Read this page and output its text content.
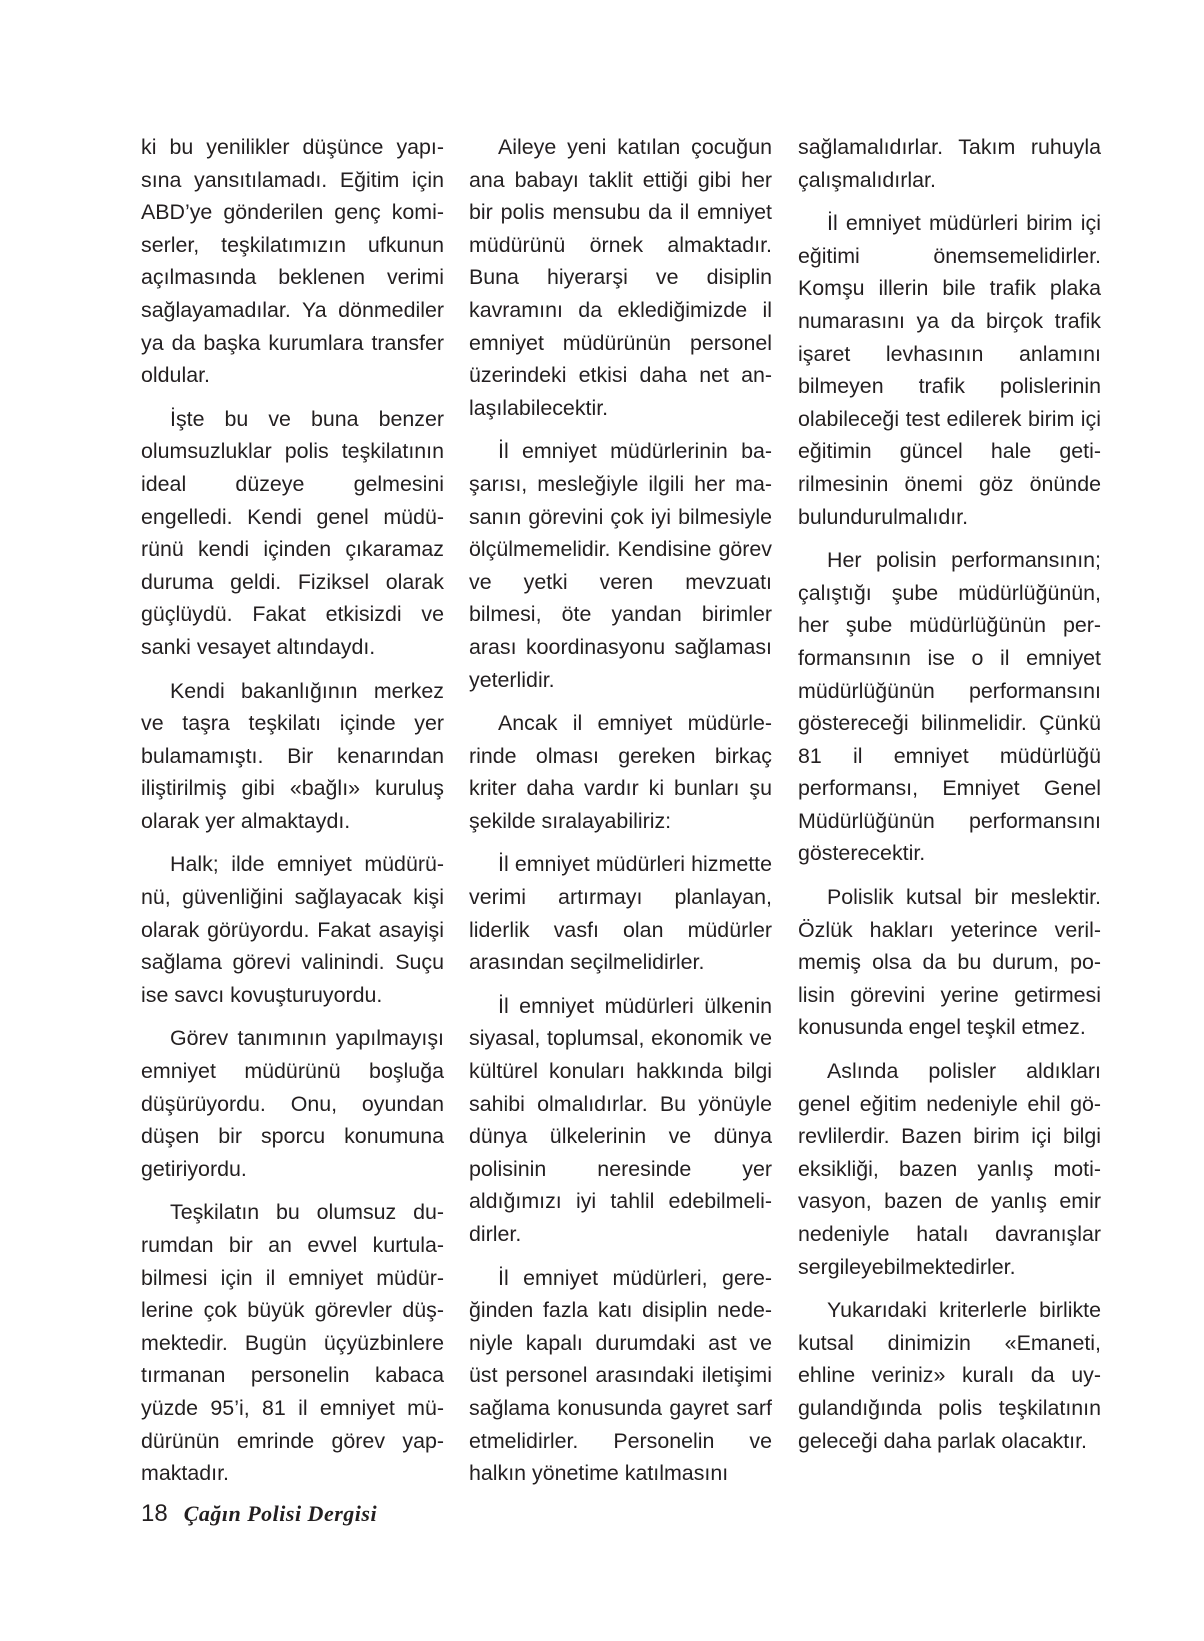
ki bu yenilikler düşünce yapısına yansıtılamadı. Eğitim için ABD’ye gönderilen genç komiserler, teşkilatımızın ufkunun açılmasında beklenen verimi sağlayamadılar. Ya dönmediler ya da başka kurumlara transfer oldular.

İşte bu ve buna benzer olumsuzluklar polis teşkilatının ideal düzeye gelmesini engelledi. Kendi genel müdürünü kendi içinden çıkaramaz duruma geldi. Fiziksel olarak güçlüydü. Fakat etkisizdi ve sanki vesayet altındaydı.

Kendi bakanlığının merkez ve taşra teşkilatı içinde yer bulamamıştı. Bir kenarından iliştirilmiş gibi «bağlı» kuruluş olarak yer almaktaydı.

Halk; ilde emniyet müdürünü, güvenliğini sağlayacak kişi olarak görüyordu. Fakat asayişi sağlama görevi valinindi. Suçu ise savcı kovuşturuyordu.

Görev tanımının yapılmayışı emniyet müdürünü boşluğa düşürüyordu. Onu, oyundan düşen bir sporcu konumuna getiriyordu.

Teşkilatın bu olumsuz durumdan bir an evvel kurtulabilmesi için il emniyet müdürlerine çok büyük görevler düşmektedir. Bugün üçyüzbinlere tırmanan personelin kabaca yüzde 95’i, 81 il emniyet müdürünün emrinde görev yapmaktadır.

Aileye yeni katılan çocuğun ana babayı taklit ettiği gibi her bir polis mensubu da il emniyet müdürünü örnek almaktadır. Buna hiyerarşi ve disiplin kavramını da eklediğimizde il emniyet müdürünün personel üzerindeki etkisi daha net anlaşılabilecektir.

İl emniyet müdürlerinin başarısı, mesleğiyle ilgili her masanın görevini çok iyi bilmesiyle ölçülmemelidir. Kendisine görev ve yetki veren mevzuatı bilmesi, öte yandan birimler arası koordinasyonu sağlaması yeterlidir.

Ancak il emniyet müdürlerinde olması gereken birkaç kriter daha vardır ki bunları şu şekilde sıralayabiliriz:

İl emniyet müdürleri hizmette verimi artırmayı planlayan, liderlik vasfı olan müdürler arasından seçilmelidirler.

İl emniyet müdürleri ülkenin siyasal, toplumsal, ekonomik ve kültürel konuları hakkında bilgi sahibi olmalıdırlar. Bu yönüyle dünya ülkelerinin ve dünya polisinin neresinde yer aldığımızı iyi tahlil edebilmelidirler.

İl emniyet müdürleri, gereğinden fazla katı disiplin nedeniyle kapalı durumdaki ast ve üst personel arasındaki iletişimi sağlama konusunda gayret sarf etmelidirler. Personelin ve halkın yönetime katılmasını

sağlamalıdırlar. Takım ruhuyla çalışmalıdırlar.

İl emniyet müdürleri birim içi eğitimi önemsemelidirler. Komşu illerin bile trafik plaka numarasını ya da birçok trafik işaret levhasının anlamını bilmeyen trafik polislerinin olabileceği test edilerek birim içi eğitimin güncel hale getirilmesinin önemi göz önünde bulundurulmalıdır.

Her polisin performansının; çalıştığı şube müdürlüğünün, her şube müdürlüğünün performansının ise o il emniyet müdürlüğünün performansını göstereceği bilinmelidir. Çünkü 81 il emniyet müdürlüğü performansı, Emniyet Genel Müdürlüğünün performansını gösterecektir.

Polislik kutsal bir meslektir. Özlük hakları yeterince verilmemiş olsa da bu durum, polisin görevini yerine getirmesi konusunda engel teşkil etmez.

Aslında polisler aldıkları genel eğitim nedeniyle ehil görevlilerdir. Bazen birim içi bilgi eksikliği, bazen yanlış motivasyon, bazen de yanlış emir nedeniyle hatalı davranışlar sergileyebilmektedirler.

Yukarıdaki kriterlerle birlikte kutsal dinimizin «Emaneti, ehline veriniz» kuralı da uygulandığında polis teşkilatının geleceği daha parlak olacaktır.

18 Çağın Polisi Dergisi
